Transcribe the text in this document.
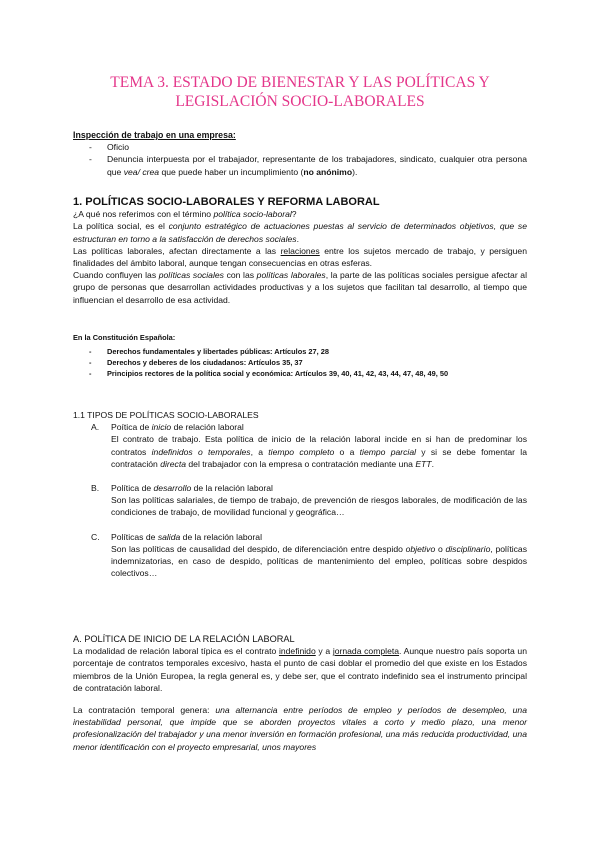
TEMA 3. ESTADO DE BIENESTAR Y LAS POLÍTICAS Y
LEGISLACIÓN SOCIO-LABORALES
Inspección de trabajo en una empresa:
- Oficio
- Denuncia interpuesta por el trabajador, representante de los trabajadores, sindicato, cualquier otra persona que vea/ crea que puede haber un incumplimiento (no anónimo).
1. POLÍTICAS SOCIO-LABORALES Y REFORMA LABORAL
¿A qué nos referimos con el término política socio-laboral?
La política social, es el conjunto estratégico de actuaciones puestas al servicio de determinados objetivos, que se estructuran en torno a la satisfacción de derechos sociales.
Las políticas laborales, afectan directamente a las relaciones entre los sujetos mercado de trabajo, y persiguen finalidades del ámbito laboral, aunque tengan consecuencias en otras esferas.
Cuando confluyen las políticas sociales con las políticas laborales, la parte de las políticas sociales persigue afectar al grupo de personas que desarrollan actividades productivas y a los sujetos que facilitan tal desarrollo, al tiempo que influencian el desarrollo de esa actividad.
En la Constitución Española:
- Derechos fundamentales y libertades públicas: Artículos 27, 28
- Derechos y deberes de los ciudadanos: Artículos 35, 37
- Principios rectores de la política social y económica: Artículos 39, 40, 41, 42, 43, 44, 47, 48, 49, 50
1.1 TIPOS DE POLÍTICAS SOCIO-LABORALES
A. Poítica de inicio de relación laboral
El contrato de trabajo. Esta política de inicio de la relación laboral incide en si han de predominar los contratos indefinidos o temporales, a tiempo completo o a tiempo parcial y si se debe fomentar la contratación directa del trabajador con la empresa o contratación mediante una ETT.
B. Política de desarrollo de la relación laboral
Son las políticas salariales, de tiempo de trabajo, de prevención de riesgos laborales, de modificación de las condiciones de trabajo, de movilidad funcional y geográfica…
C. Políticas de salida de la relación laboral
Son las políticas de causalidad del despido, de diferenciación entre despido objetivo o disciplinario, políticas indemnizatorias, en caso de despido, políticas de mantenimiento del empleo, políticas sobre despidos colectivos…
A. POLÍTICA DE INICIO DE LA RELACIÓN LABORAL
La modalidad de relación laboral típica es el contrato indefinido y a jornada completa. Aunque nuestro país soporta un porcentaje de contratos temporales excesivo, hasta el punto de casi doblar el promedio del que existe en los Estados miembros de la Unión Europea, la regla general es, y debe ser, que el contrato indefinido sea el instrumento principal de contratación laboral.
La contratación temporal genera: una alternancia entre períodos de empleo y períodos de desempleo, una inestabilidad personal, que impide que se aborden proyectos vitales a corto y medio plazo, una menor profesionalización del trabajador y una menor inversión en formación profesional, una más reducida productividad, una menor identificación con el proyecto empresarial, unos mayores
